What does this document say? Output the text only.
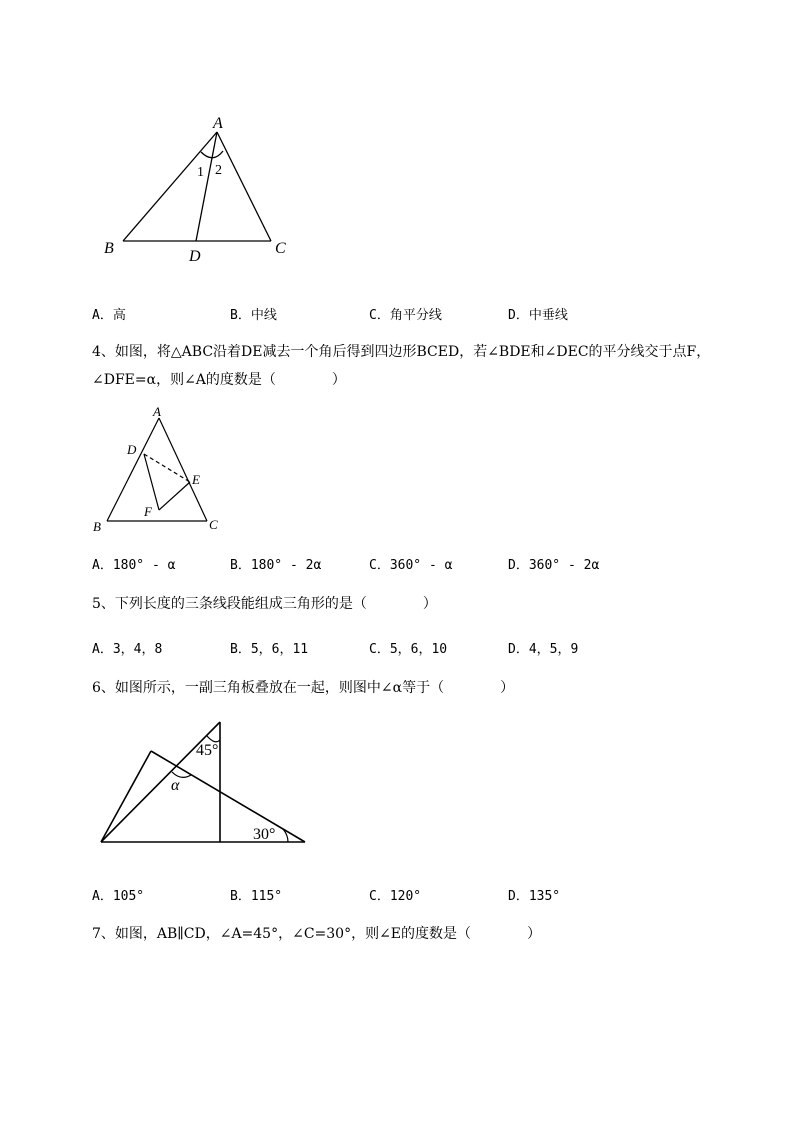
A
B	C
D
1 2
A．高	B．中线	C．角平分线	D．中垂线
4、如图，将△ABC沿着DE减去一个角后得到四边形BCED，若∠BDE和∠DEC的平分线交于点F，
∠DFE=α，则∠A的度数是（　　　　）
A
B	C
D
E
F
A．180° - α	B．180° - 2α	C．360° - α	D．360° - 2α
5、下列长度的三条线段能组成三角形的是（　　　　）
A．3，4，8	B．5，6，11	C．5，6，10	D．4，5，9
6、如图所示，一副三角板叠放在一起，则图中∠α等于（　　　　）
45°
α
30°
A．105°	B．115°	C．120°	D．135°
7、如图，AB∥CD，∠A=45°，∠C=30°，则∠E的度数是（　　　　）
